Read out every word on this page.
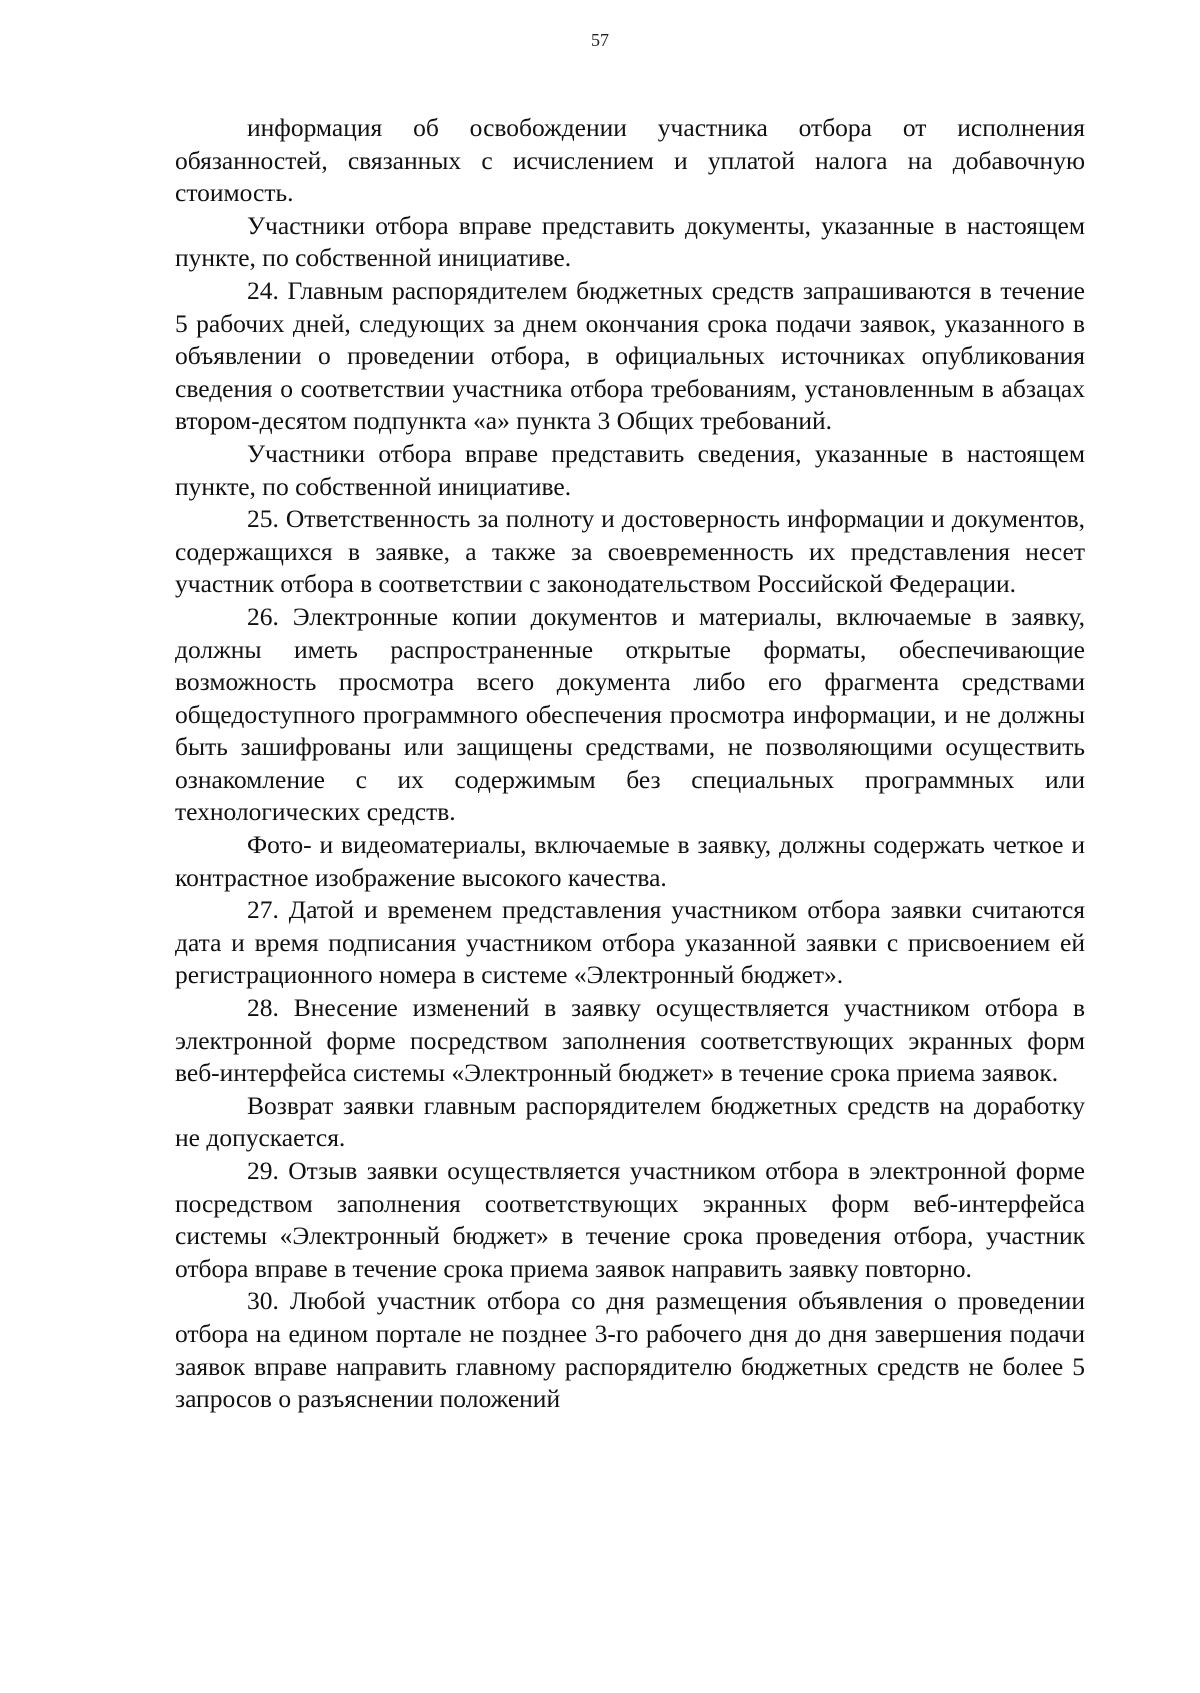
57

информация об освобождении участника отбора от исполнения обязанностей, связанных с исчислением и уплатой налога на добавочную стоимость.

Участники отбора вправе представить документы, указанные в настоящем пункте, по собственной инициативе.

24. Главным распорядителем бюджетных средств запрашиваются в течение 5 рабочих дней, следующих за днем окончания срока подачи заявок, указанного в объявлении о проведении отбора, в официальных источниках опубликования сведения о соответствии участника отбора требованиям, установленным в абзацах втором-десятом подпункта «а» пункта 3 Общих требований.

Участники отбора вправе представить сведения, указанные в настоящем пункте, по собственной инициативе.

25. Ответственность за полноту и достоверность информации и документов, содержащихся в заявке, а также за своевременность их представления несет участник отбора в соответствии с законодательством Российской Федерации.

26. Электронные копии документов и материалы, включаемые в заявку, должны иметь распространенные открытые форматы, обеспечивающие возможность просмотра всего документа либо его фрагмента средствами общедоступного программного обеспечения просмотра информации, и не должны быть зашифрованы или защищены средствами, не позволяющими осуществить ознакомление с их содержимым без специальных программных или технологических средств.

Фото- и видеоматериалы, включаемые в заявку, должны содержать четкое и контрастное изображение высокого качества.

27. Датой и временем представления участником отбора заявки считаются дата и время подписания участником отбора указанной заявки с присвоением ей регистрационного номера в системе «Электронный бюджет».

28. Внесение изменений в заявку осуществляется участником отбора в электронной форме посредством заполнения соответствующих экранных форм веб-интерфейса системы «Электронный бюджет» в течение срока приема заявок.

Возврат заявки главным распорядителем бюджетных средств на доработку не допускается.

29. Отзыв заявки осуществляется участником отбора в электронной форме посредством заполнения соответствующих экранных форм веб-интерфейса системы «Электронный бюджет» в течение срока проведения отбора, участник отбора вправе в течение срока приема заявок направить заявку повторно.

30. Любой участник отбора со дня размещения объявления о проведении отбора на едином портале не позднее 3-го рабочего дня до дня завершения подачи заявок вправе направить главному распорядителю бюджетных средств не более 5 запросов о разъяснении положений
